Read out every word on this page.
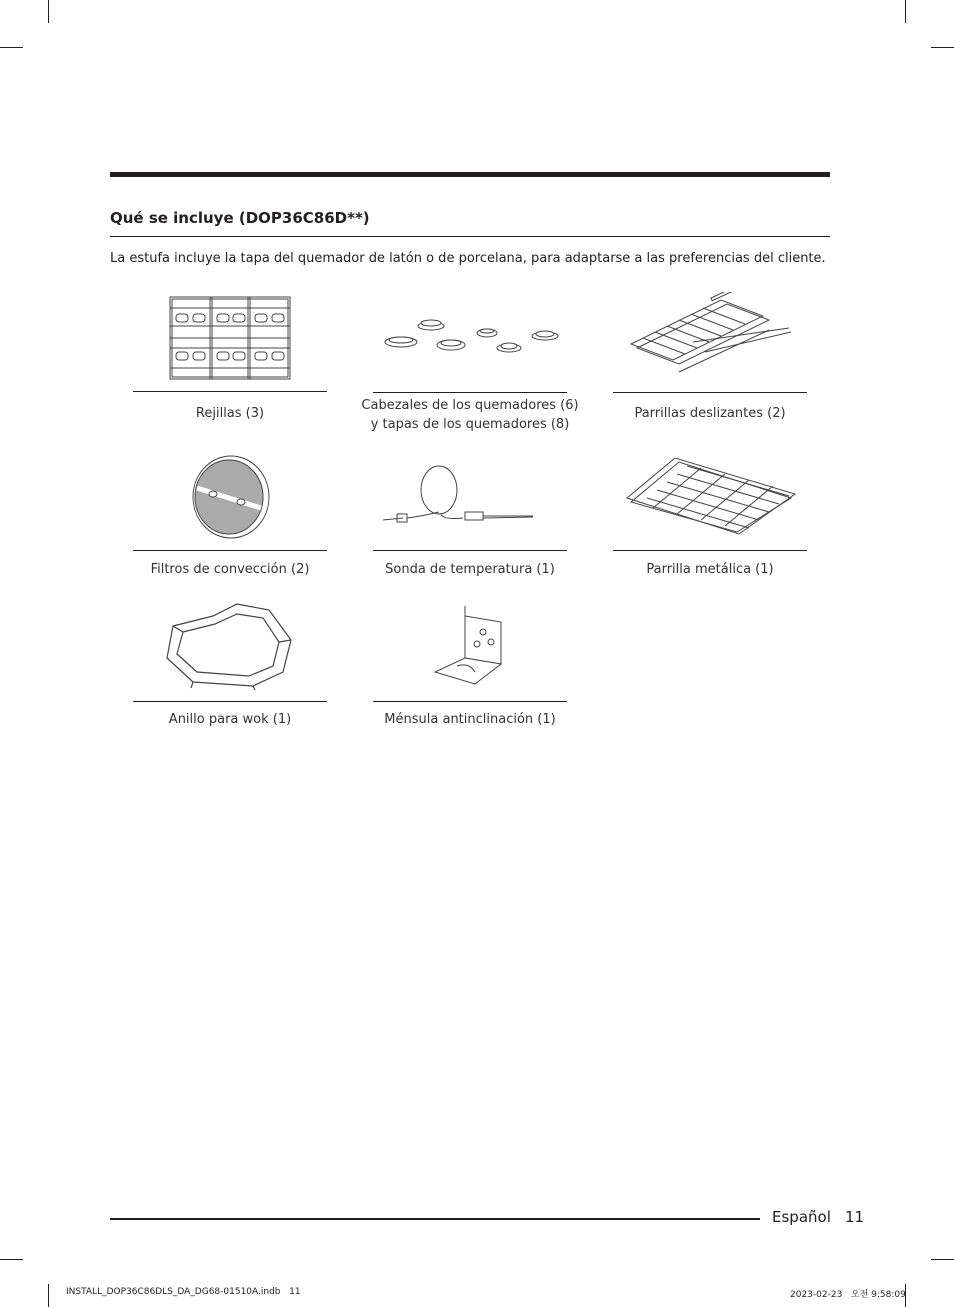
Qué se incluye (DOP36C86D**)

La estufa incluye la tapa del quemador de latón o de porcelana, para adaptarse a las preferencias del cliente.

Rejillas (3)
Cabezales de los quemadores (6)
y tapas de los quemadores (8)
Parrillas deslizantes (2)
Filtros de convección (2)	Sonda de temperatura (1)	Parrilla metálica (1)
Anillo para wok (1)	Ménsula antinclinación (1)
Español 11
INSTALL_DOP36C86DLS_DA_DG68-01510A.indb   11	2023-02-23   오전 9:58:09
